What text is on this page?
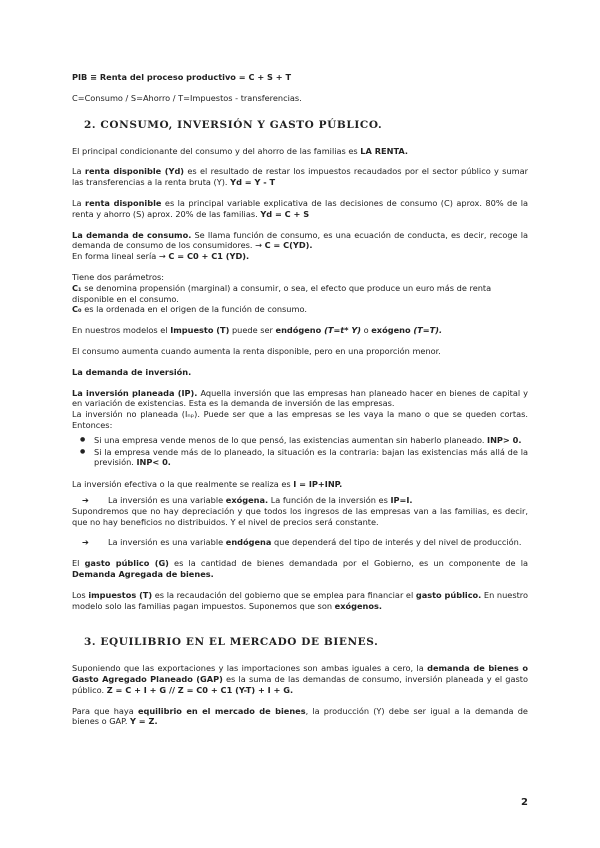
PIB ≡ Renta del proceso productivo = C + S + T

C=Consumo / S=Ahorro / T=Impuestos - transferencias.

2. CONSUMO, INVERSIÓN Y GASTO PÚBLICO.

El principal condicionante del consumo y del ahorro de las familias es LA RENTA.

La renta disponible (Yd) es el resultado de restar los impuestos recaudados por el sector público y sumar las transferencias a la renta bruta (Y). Yd = Y - T

La renta disponible es la principal variable explicativa de las decisiones de consumo (C) aprox. 80% de la renta y ahorro (S) aprox. 20% de las familias. Yd = C + S

La demanda de consumo. Se llama función de consumo, es una ecuación de conducta, es decir, recoge la demanda de consumo de los consumidores. → C = C(YD).

En forma lineal sería → C = C0 + C1 (YD).

Tiene dos parámetros:

C₁ se denomina propensión (marginal) a consumir, o sea, el efecto que produce un euro más de renta disponible en el consumo.

C₀ es la ordenada en el origen de la función de consumo.

En nuestros modelos el Impuesto (T) puede ser endógeno (T=t* Y) o exógeno (T=T).

El consumo aumenta cuando aumenta la renta disponible, pero en una proporción menor.

La demanda de inversión.

La inversión planeada (IP). Aquella inversión que las empresas han planeado hacer en bienes de capital y en variación de existencias. Esta es la demanda de inversión de las empresas.

La inversión no planeada (Iₙₚ). Puede ser que a las empresas se les vaya la mano o que se queden cortas. Entonces:

● Si una empresa vende menos de lo que pensó, las existencias aumentan sin haberlo planeado. INP> 0.
● Si la empresa vende más de lo planeado, la situación es la contraria: bajan las existencias más allá de la previsión. INP< 0.

La inversión efectiva o la que realmente se realiza es I = IP+INP.

➔ La inversión es una variable exógena. La función de la inversión es IP=I.

Supondremos que no hay depreciación y que todos los ingresos de las empresas van a las familias, es decir, que no hay beneficios no distribuidos. Y el nivel de precios será constante.

➔ La inversión es una variable endógena que dependerá del tipo de interés y del nivel de producción.

El gasto público (G) es la cantidad de bienes demandada por el Gobierno, es un componente de la Demanda Agregada de bienes.

Los impuestos (T) es la recaudación del gobierno que se emplea para financiar el gasto público. En nuestro modelo solo las familias pagan impuestos. Suponemos que son exógenos.

3. EQUILIBRIO EN EL MERCADO DE BIENES.

Suponiendo que las exportaciones y las importaciones son ambas iguales a cero, la demanda de bienes o Gasto Agregado Planeado (GAP) es la suma de las demandas de consumo, inversión planeada y el gasto público. Z = C + I + G // Z = C0 + C1 (Y-T) + I + G.

Para que haya equilibrio en el mercado de bienes, la producción (Y) debe ser igual a la demanda de bienes o GAP. Y = Z.

2
